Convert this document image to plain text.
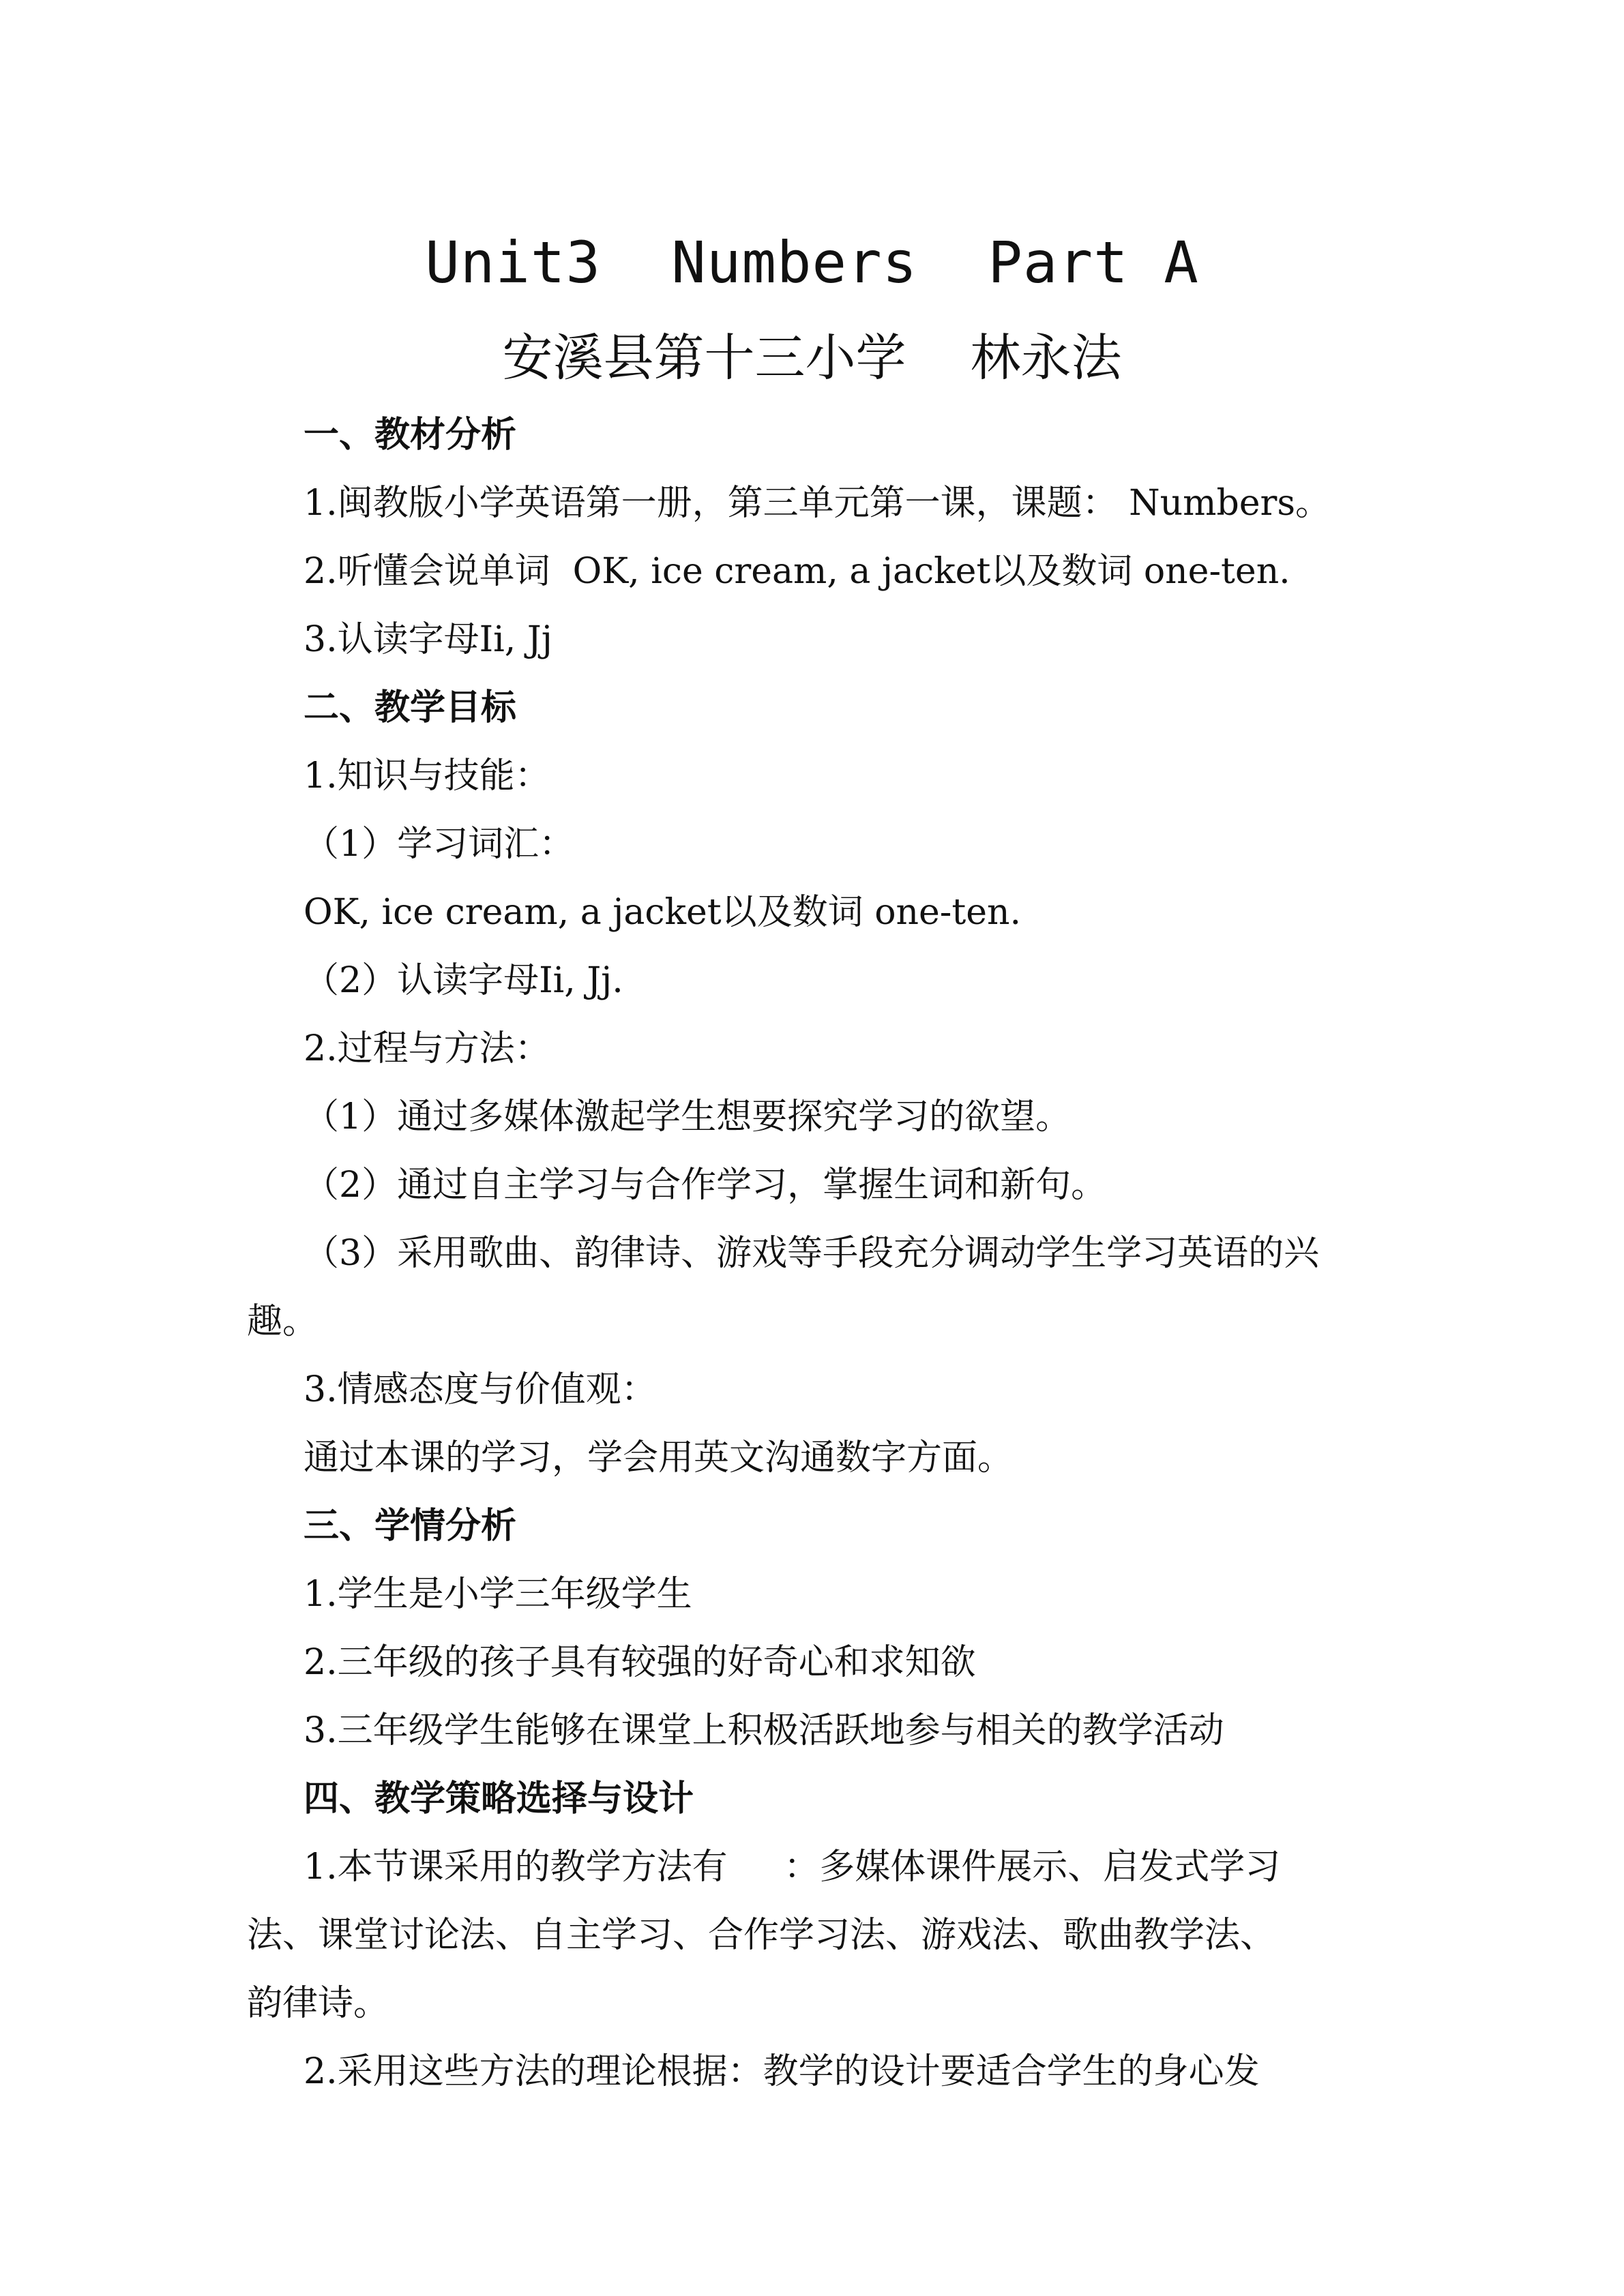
Unit3  Numbers  Part A
安溪县第十三小学    林永法
一、教材分析
1.闽教版小学英语第一册，第三单元第一课，课题： Numbers。
2.听懂会说单词  OK, ice cream, a jacket以及数词 one-ten.
3.认读字母Ii, Jj
二、教学目标
1.知识与技能：
（1）学习词汇：
OK, ice cream, a jacket以及数词 one-ten.
（2）认读字母Ii, Jj.
2.过程与方法：
（1）通过多媒体激起学生想要探究学习的欲望。
（2）通过自主学习与合作学习，掌握生词和新句。
（3）采用歌曲、韵律诗、游戏等手段充分调动学生学习英语的兴
趣。
3.情感态度与价值观：
通过本课的学习，学会用英文沟通数字方面。
三、学情分析
1.学生是小学三年级学生
2.三年级的孩子具有较强的好奇心和求知欲
3.三年级学生能够在课堂上积极活跃地参与相关的教学活动
四、教学策略选择与设计
1.本节课采用的教学方法有     ：多媒体课件展示、启发式学习
法、课堂讨论法、自主学习、合作学习法、游戏法、歌曲教学法、
韵律诗。
2.采用这些方法的理论根据：教学的设计要适合学生的身心发
